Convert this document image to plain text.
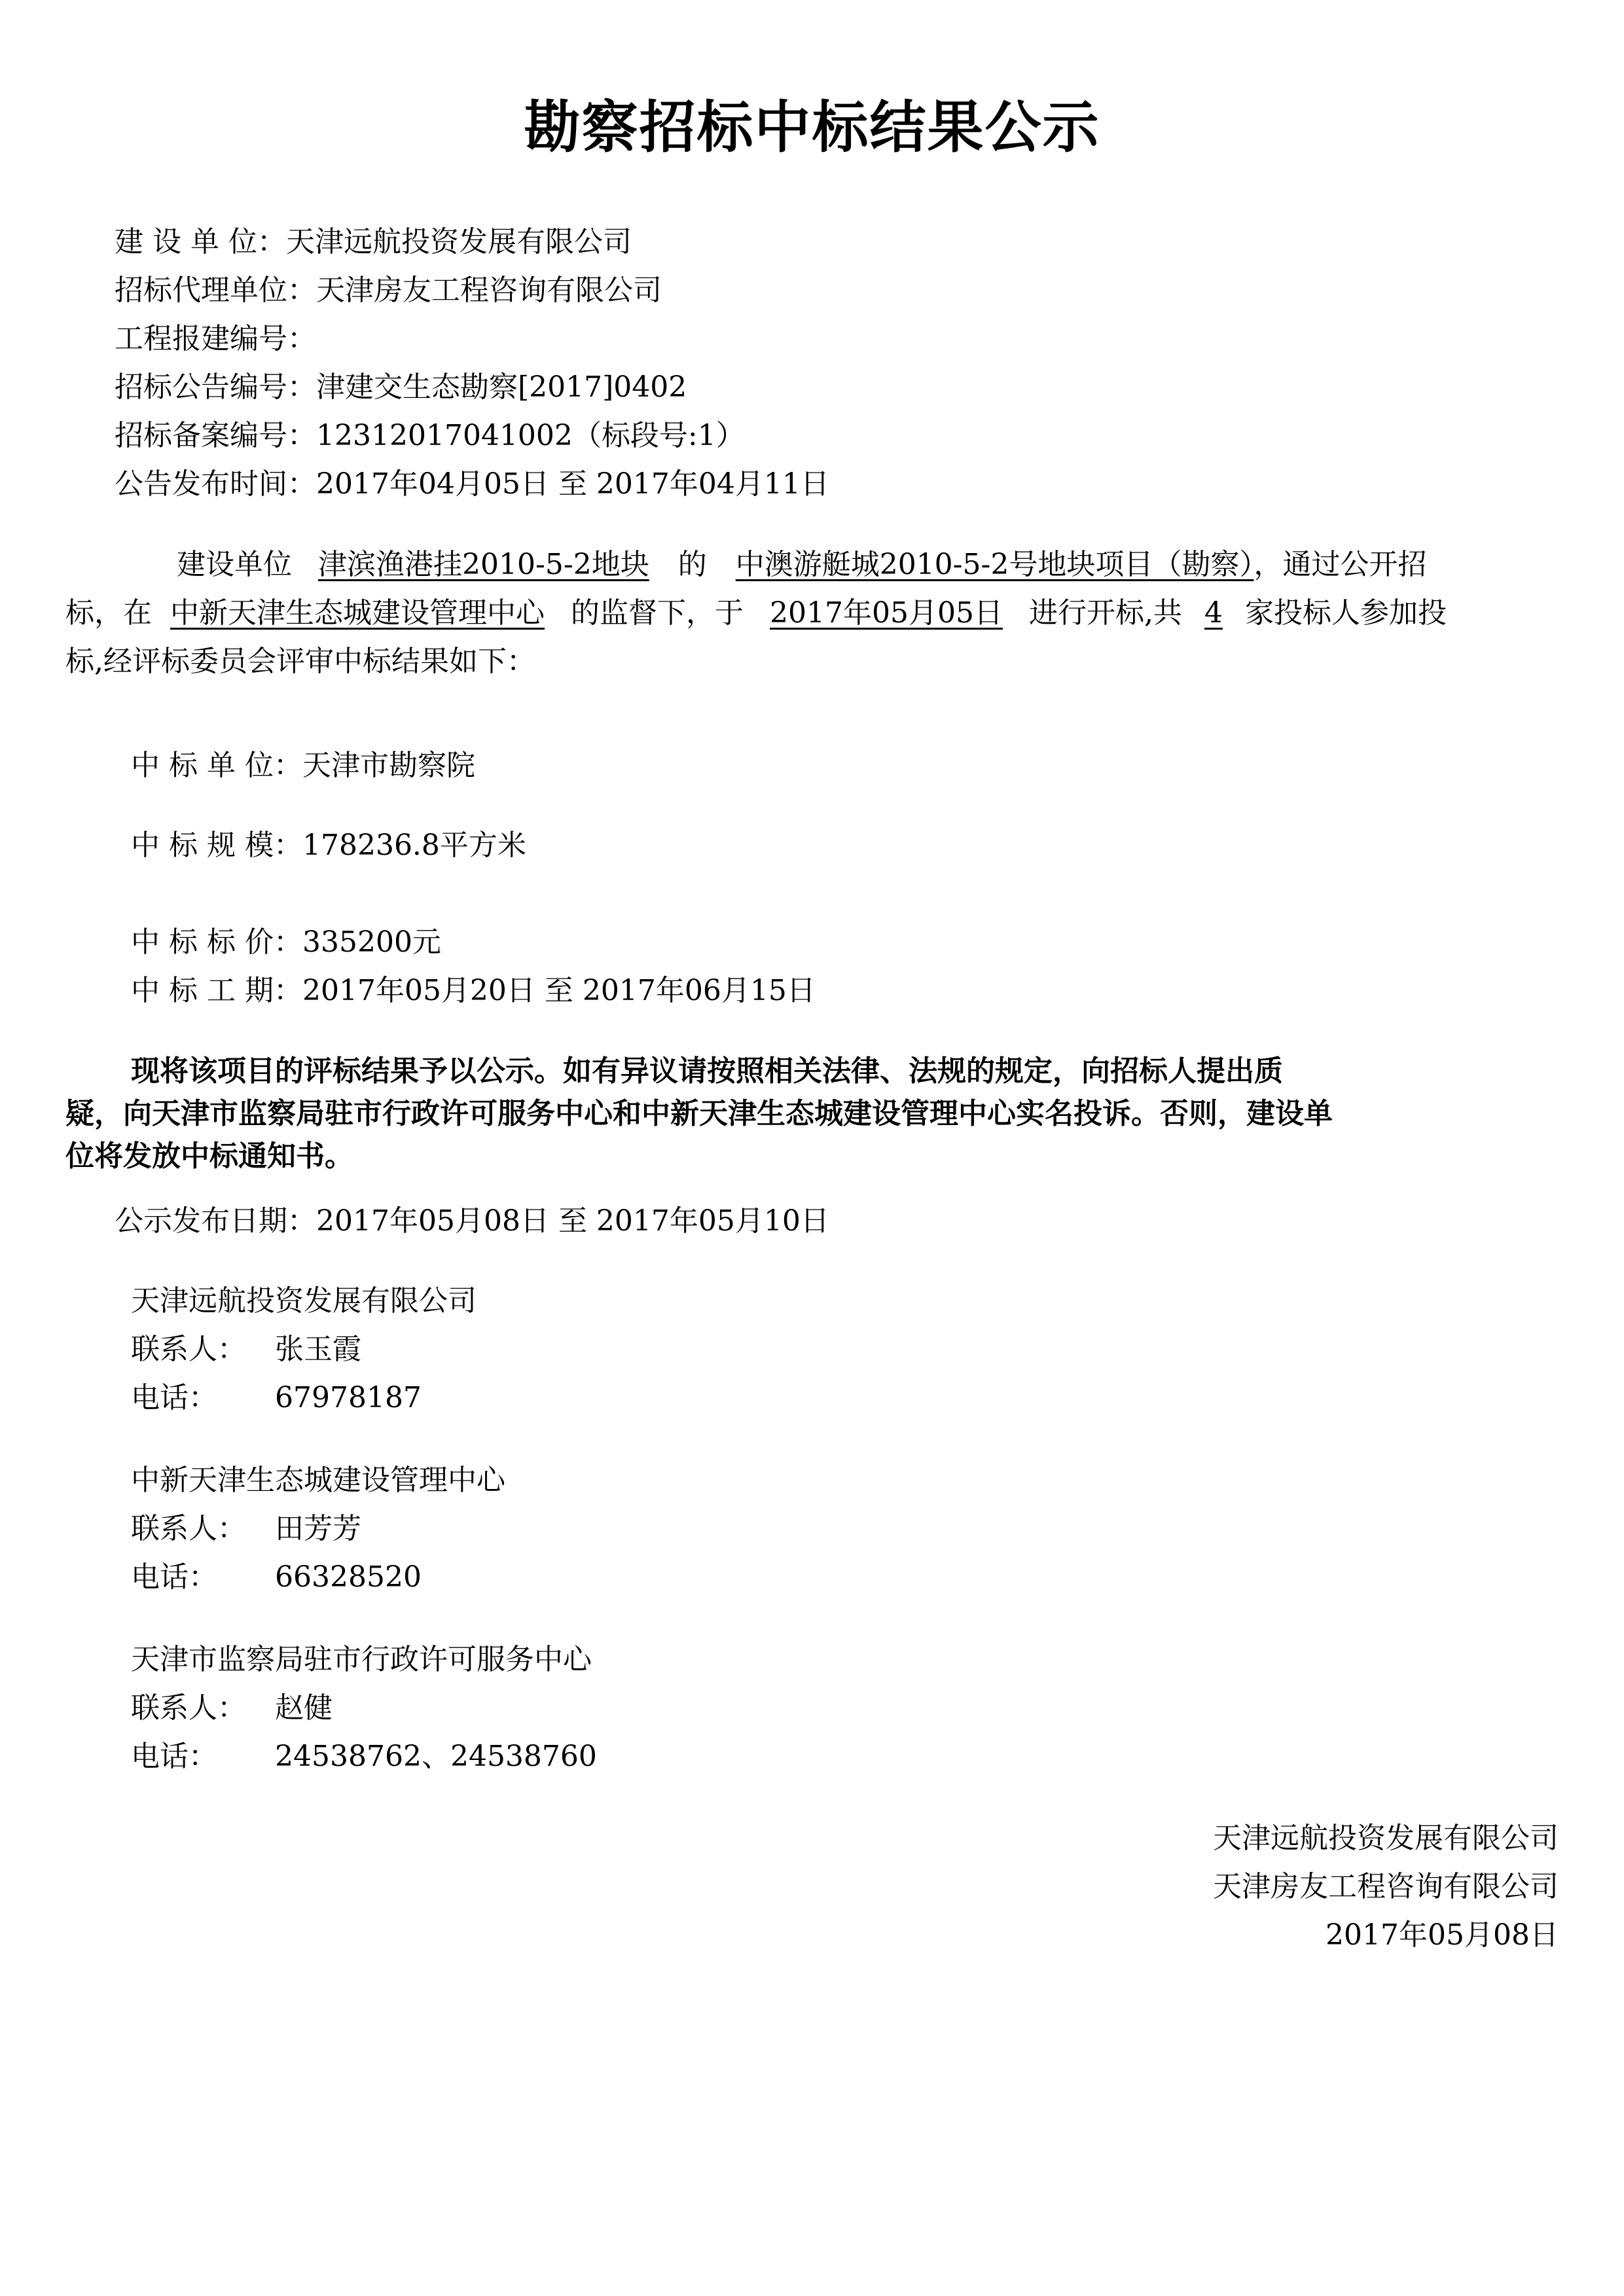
勘察招标中标结果公示
建 设 单 位：天津远航投资发展有限公司
招标代理单位：天津房友工程咨询有限公司
工程报建编号：
招标公告编号：津建交生态勘察[2017]0402
招标备案编号：12312017041002（标段号:1）
公告发布时间：2017年04月05日 至 2017年04月11日
建设单位 津滨渔港挂2010-5-2地块 的 中澳游艇城2010-5-2号地块项目（勘察），通过公开招
标，在 中新天津生态城建设管理中心 的监督下，于 2017年05月05日 进行开标,共 4 家投标人参加投
标,经评标委员会评审中标结果如下：
中 标 单 位：天津市勘察院
中 标 规 模：178236.8平方米
中 标 标 价：335200元
中 标 工 期：2017年05月20日 至 2017年06月15日
现将该项目的评标结果予以公示。如有异议请按照相关法律、法规的规定，向招标人提出质
疑，向天津市监察局驻市行政许可服务中心和中新天津生态城建设管理中心实名投诉。否则，建设单
位将发放中标通知书。
公示发布日期：2017年05月08日 至 2017年05月10日
天津远航投资发展有限公司
联系人： 张玉霞
电话： 67978187
中新天津生态城建设管理中心
联系人： 田芳芳
电话： 66328520
天津市监察局驻市行政许可服务中心
联系人： 赵健
电话： 24538762、24538760
天津远航投资发展有限公司
天津房友工程咨询有限公司
2017年05月08日
